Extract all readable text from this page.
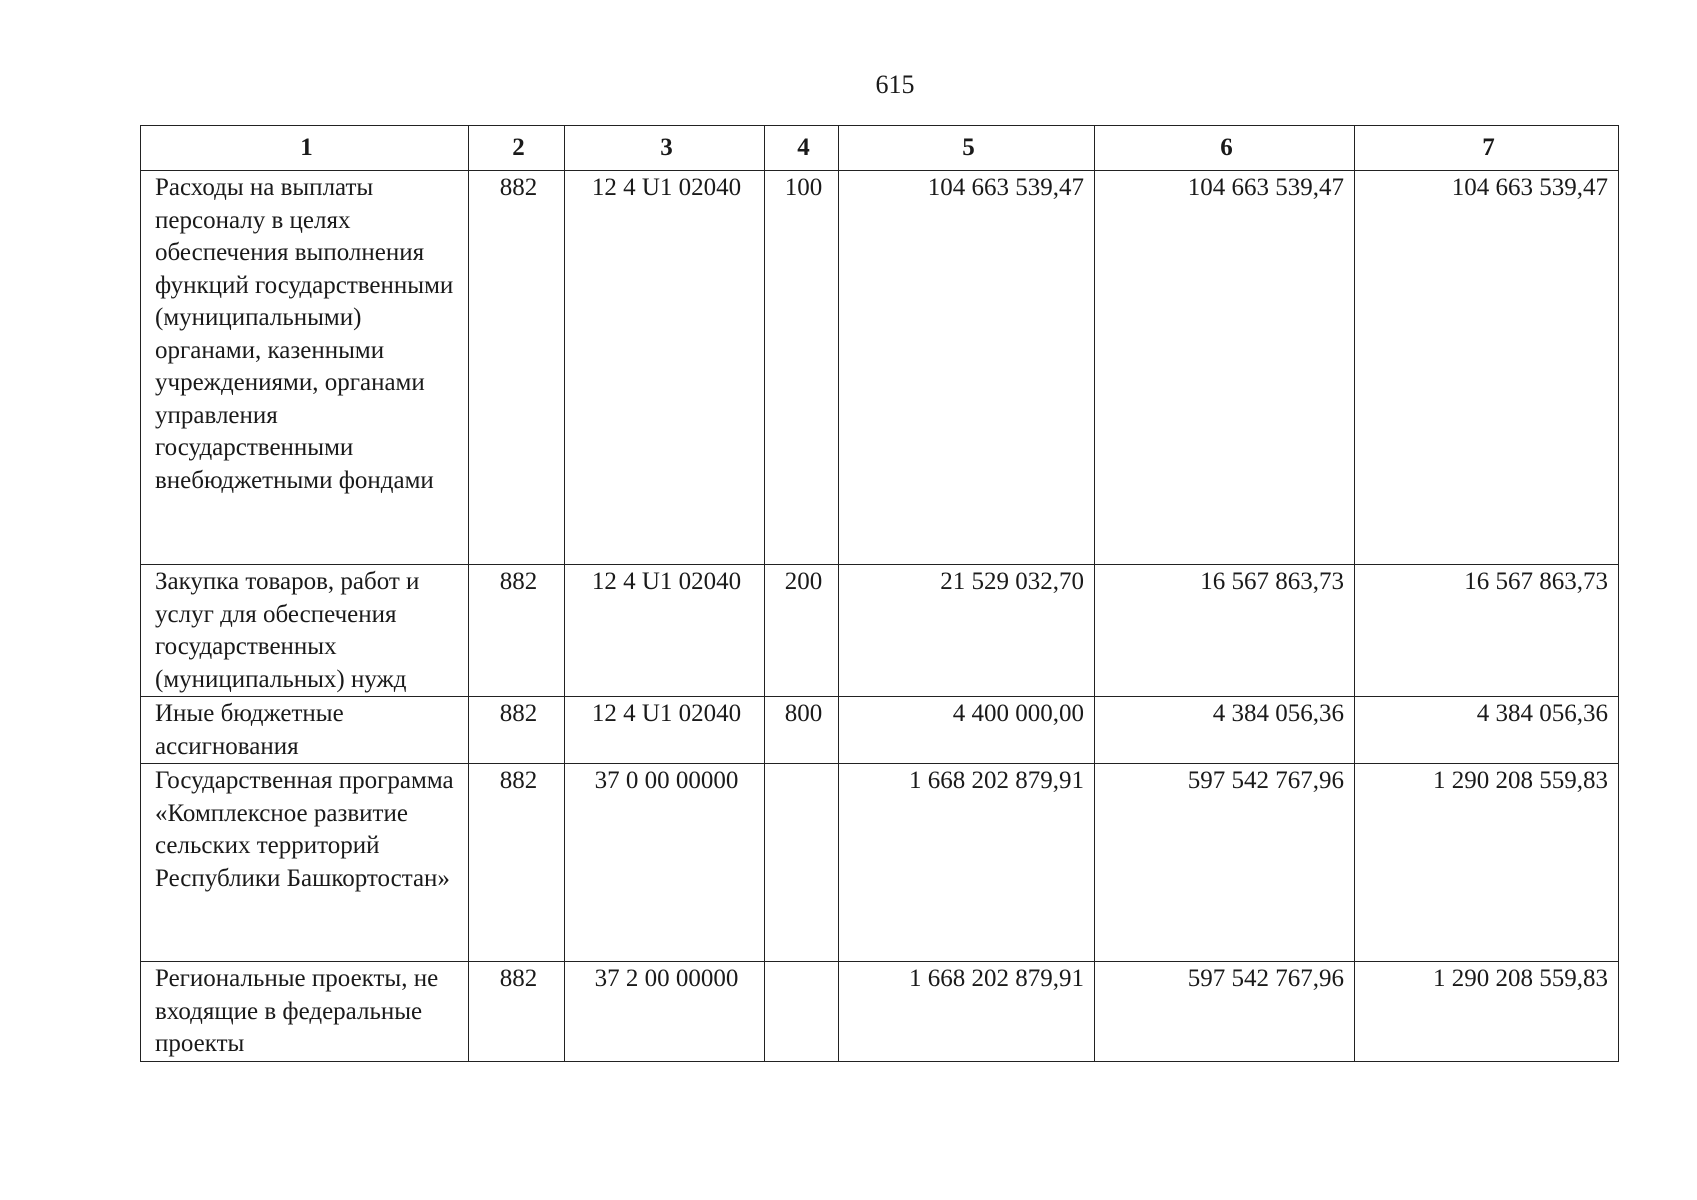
615
1	2	3	4	5	6	7
Расходы на выплаты персоналу в целях обеспечения выполнения функций государственными (муниципальными) органами, казенными учреждениями, органами управления государственными внебюджетными фондами	882	12 4 U1 02040	100	104 663 539,47	104 663 539,47	104 663 539,47
Закупка товаров, работ и услуг для обеспечения государственных (муниципальных) нужд	882	12 4 U1 02040	200	21 529 032,70	16 567 863,73	16 567 863,73
Иные бюджетные ассигнования	882	12 4 U1 02040	800	4 400 000,00	4 384 056,36	4 384 056,36
Государственная программа «Комплексное развитие сельских территорий Республики Башкортостан»	882	37 0 00 00000		1 668 202 879,91	597 542 767,96	1 290 208 559,83
Региональные проекты, не входящие в федеральные проекты	882	37 2 00 00000		1 668 202 879,91	597 542 767,96	1 290 208 559,83
